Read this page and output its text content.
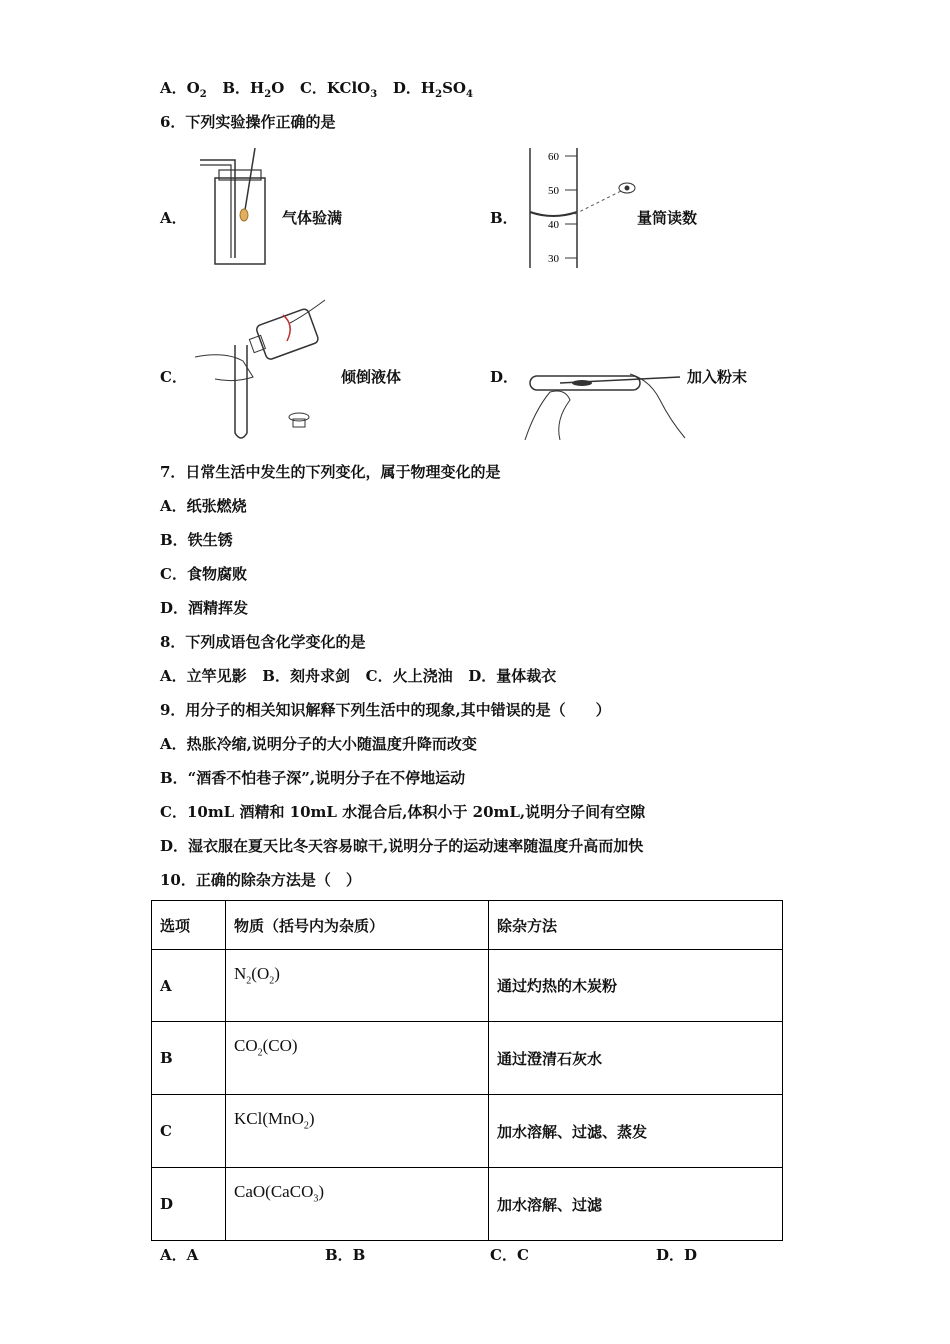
A．$O_2$ B．$H_2O$ C．KClO$_3$ D．$H_2SO_4$
6．下列实验操作正确的是
A．	气体验满	B．
60
50
40
30
量筒读数
C．	倾倒液体	D．	加入粉末
7．日常生活中发生的下列变化，属于物理变化的是
A．纸张燃烧
B．铁生锈
C．食物腐败
D．酒精挥发
8．下列成语包含化学变化的是
A．立竿见影   B．刻舟求剑   C．火上浇油   D．量体裁衣
9．用分子的相关知识解释下列生活中的现象,其中错误的是（　　）
A．热胀冷缩,说明分子的大小随温度升降而改变
B．“酒香不怕巷子深”,说明分子在不停地运动
C．10mL 酒精和 10mL 水混合后,体积小于 20mL,说明分子间有空隙
D．湿衣服在夏天比冬天容易晾干,说明分子的运动速率随温度升高而加快
10．正确的除杂方法是（　）
选项	物质（括号内为杂质）	除杂方法
A	$N_2(O_2)$	通过灼热的木炭粉
B	$CO_2(CO)$	通过澄清石灰水
C	KCl(MnO$_2$)	加水溶解、过滤、蒸发
D	CaO(CaCO$_3$)	加水溶解、过滤
A．A	B．B	C．C	D．D
